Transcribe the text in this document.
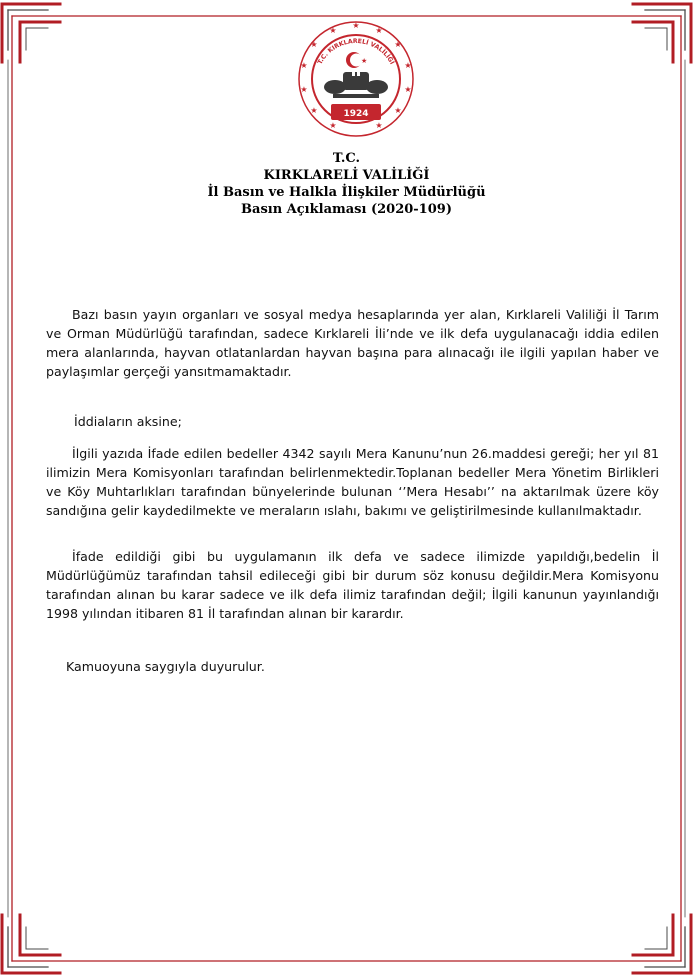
★
★
★
★
★
★
★
★
★
★
★
★
★
T.C. KIRKLARELİ VALİLİĞİ
★
1924
T.C.
KIRKLARELİ VALİLİĞİ
İl Basın ve Halkla İlişkiler Müdürlüğü
Basın Açıklaması (2020-109)

Bazı basın yayın organları ve sosyal medya hesaplarında yer alan, Kırklareli Valiliği İl Tarım ve Orman Müdürlüğü tarafından, sadece Kırklareli İli’nde ve ilk defa uygulanacağı iddia edilen mera alanlarında, hayvan otlatanlardan hayvan başına para alınacağı ile ilgili yapılan haber ve paylaşımlar gerçeği yansıtmamaktadır.

İddiaların aksine;

İlgili yazıda İfade edilen bedeller 4342 sayılı Mera Kanunu’nun 26.maddesi gereği; her yıl 81 ilimizin Mera Komisyonları tarafından belirlenmektedir.Toplanan bedeller Mera Yönetim Birlikleri ve Köy Muhtarlıkları tarafından bünyelerinde bulunan ‘’Mera Hesabı’’ na aktarılmak üzere köy sandığına gelir kaydedilmekte ve meraların ıslahı, bakımı ve geliştirilmesinde kullanılmaktadır.

İfade edildiği gibi bu uygulamanın ilk defa ve sadece ilimizde yapıldığı,bedelin İl Müdürlüğümüz tarafından tahsil edileceği gibi bir durum söz konusu değildir.Mera Komisyonu tarafından alınan bu karar sadece ve ilk defa ilimiz tarafından değil; İlgili kanunun yayınlandığı 1998 yılından itibaren 81 İl tarafından alınan bir karardır.

Kamuoyuna saygıyla duyurulur.
